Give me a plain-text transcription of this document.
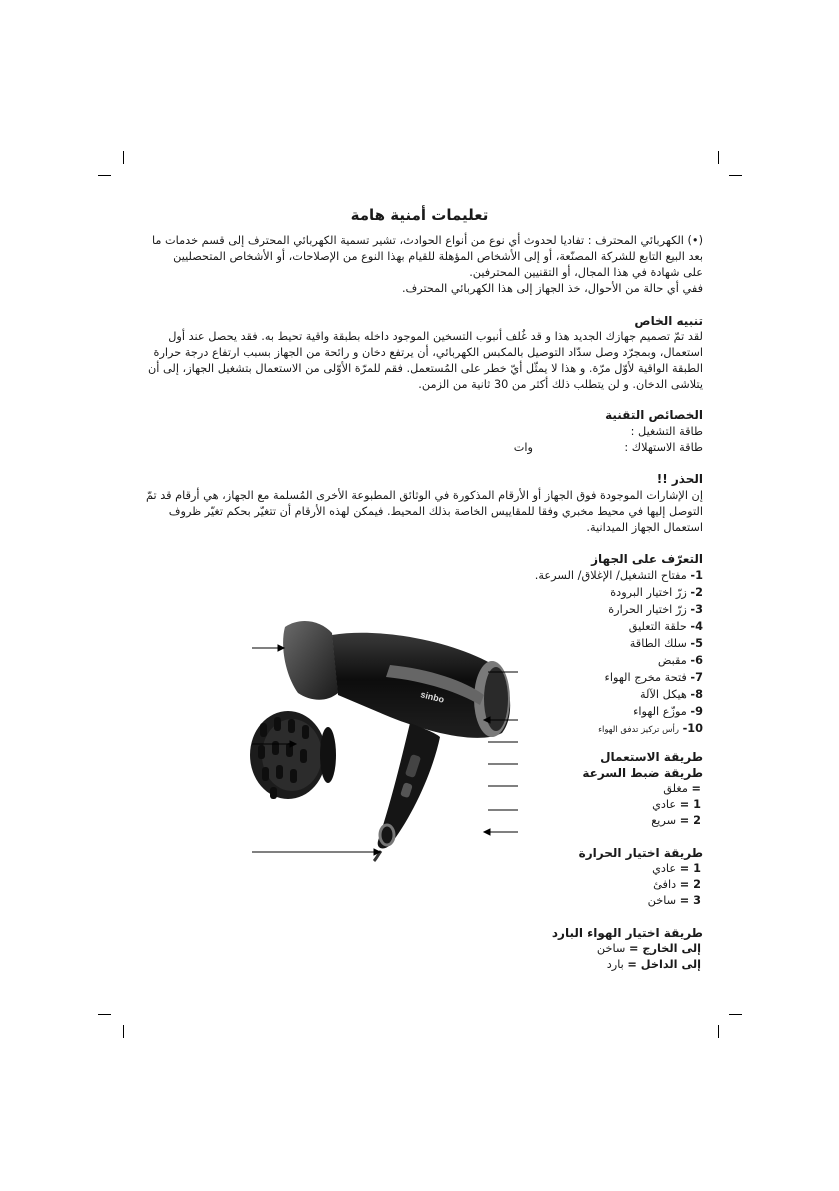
تعليمات أمنية هامة
(•) الكهربائي المحترف : تفاديا لحدوث أي نوع من أنواع الحوادث، تشير تسمية الكهربائي المحترف إلى قسم خدمات ما
بعد البيع التابع للشركة المصنّعة، أو إلى الأشخاص المؤهلة للقيام بهذا النوع من الإصلاحات، أو الأشخاص المتحصليين
على شهادة في هذا المجال، أو التقنيين المحترفين.
ففي أي حالة من الأحوال، خذ الجهاز إلى هذا الكهربائي المحترف.
تنبيه الخاص
لقد تمّ تصميم جهازك الجديد هذا و قد غُلف أنبوب التسخين الموجود داخله بطبقة واقية تحيط به. فقد يحصل عند أول
استعمال، وبمجرّد وصل سدّاد التوصيل بالمكبس الكهربائي، أن يرتفع دخان و رائحة من الجهاز بسبب ارتفاع درجة حرارة
الطبقة الواقية لأوّل مرّة. و هذا لا يمثّل أيّ خطر على المُستعمل. فقم للمرّة الأوّلى من الاستعمال بتشغيل الجهاز، إلى أن
يتلاشى الدخان. و لن يتطلب ذلك أكثر من 30 ثانية من الزمن.
الخصائص التقنية
طاقة التشغيل :
طاقة الاستهلاك :
وات
الحذر !!
إن الإشارات الموجودة فوق الجهاز أو الأرقام المذكورة في الوثائق المطبوعة الأخرى المُسلمة مع الجهاز، هي أرقام قد تمّ
التوصل إليها في محيط مخبري وفقا للمقاييس الخاصة بذلك المحيط. فيمكن لهذه الأرقام أن تتغيّر بحكم تغيّر ظروف
استعمال الجهاز الميدانية.
التعرّف على الجهاز
1- مفتاح التشغيل/ الإغلاق/ السرعة.
2- زرّ اختيار البرودة
3- زرّ اختيار الحرارة
4- حلقة التعليق
5- سلك الطاقة
6- مقبض
7- فتحة مخرج الهواء
8- هيكل الآلة
9- موزّع الهواء
10- رأس تركيز تدفق الهواء
طريقة الاستعمال
طريقة ضبط السرعة
= مغلق
1 = عادي
2 = سريع
طريقة اختيار الحرارة
1 = عادي
2 = دافئ
3 = ساخن
طريقة اختيار الهواء البارد
إلى الخارج = ساخن
إلى الداخل = بارد
sinbo
